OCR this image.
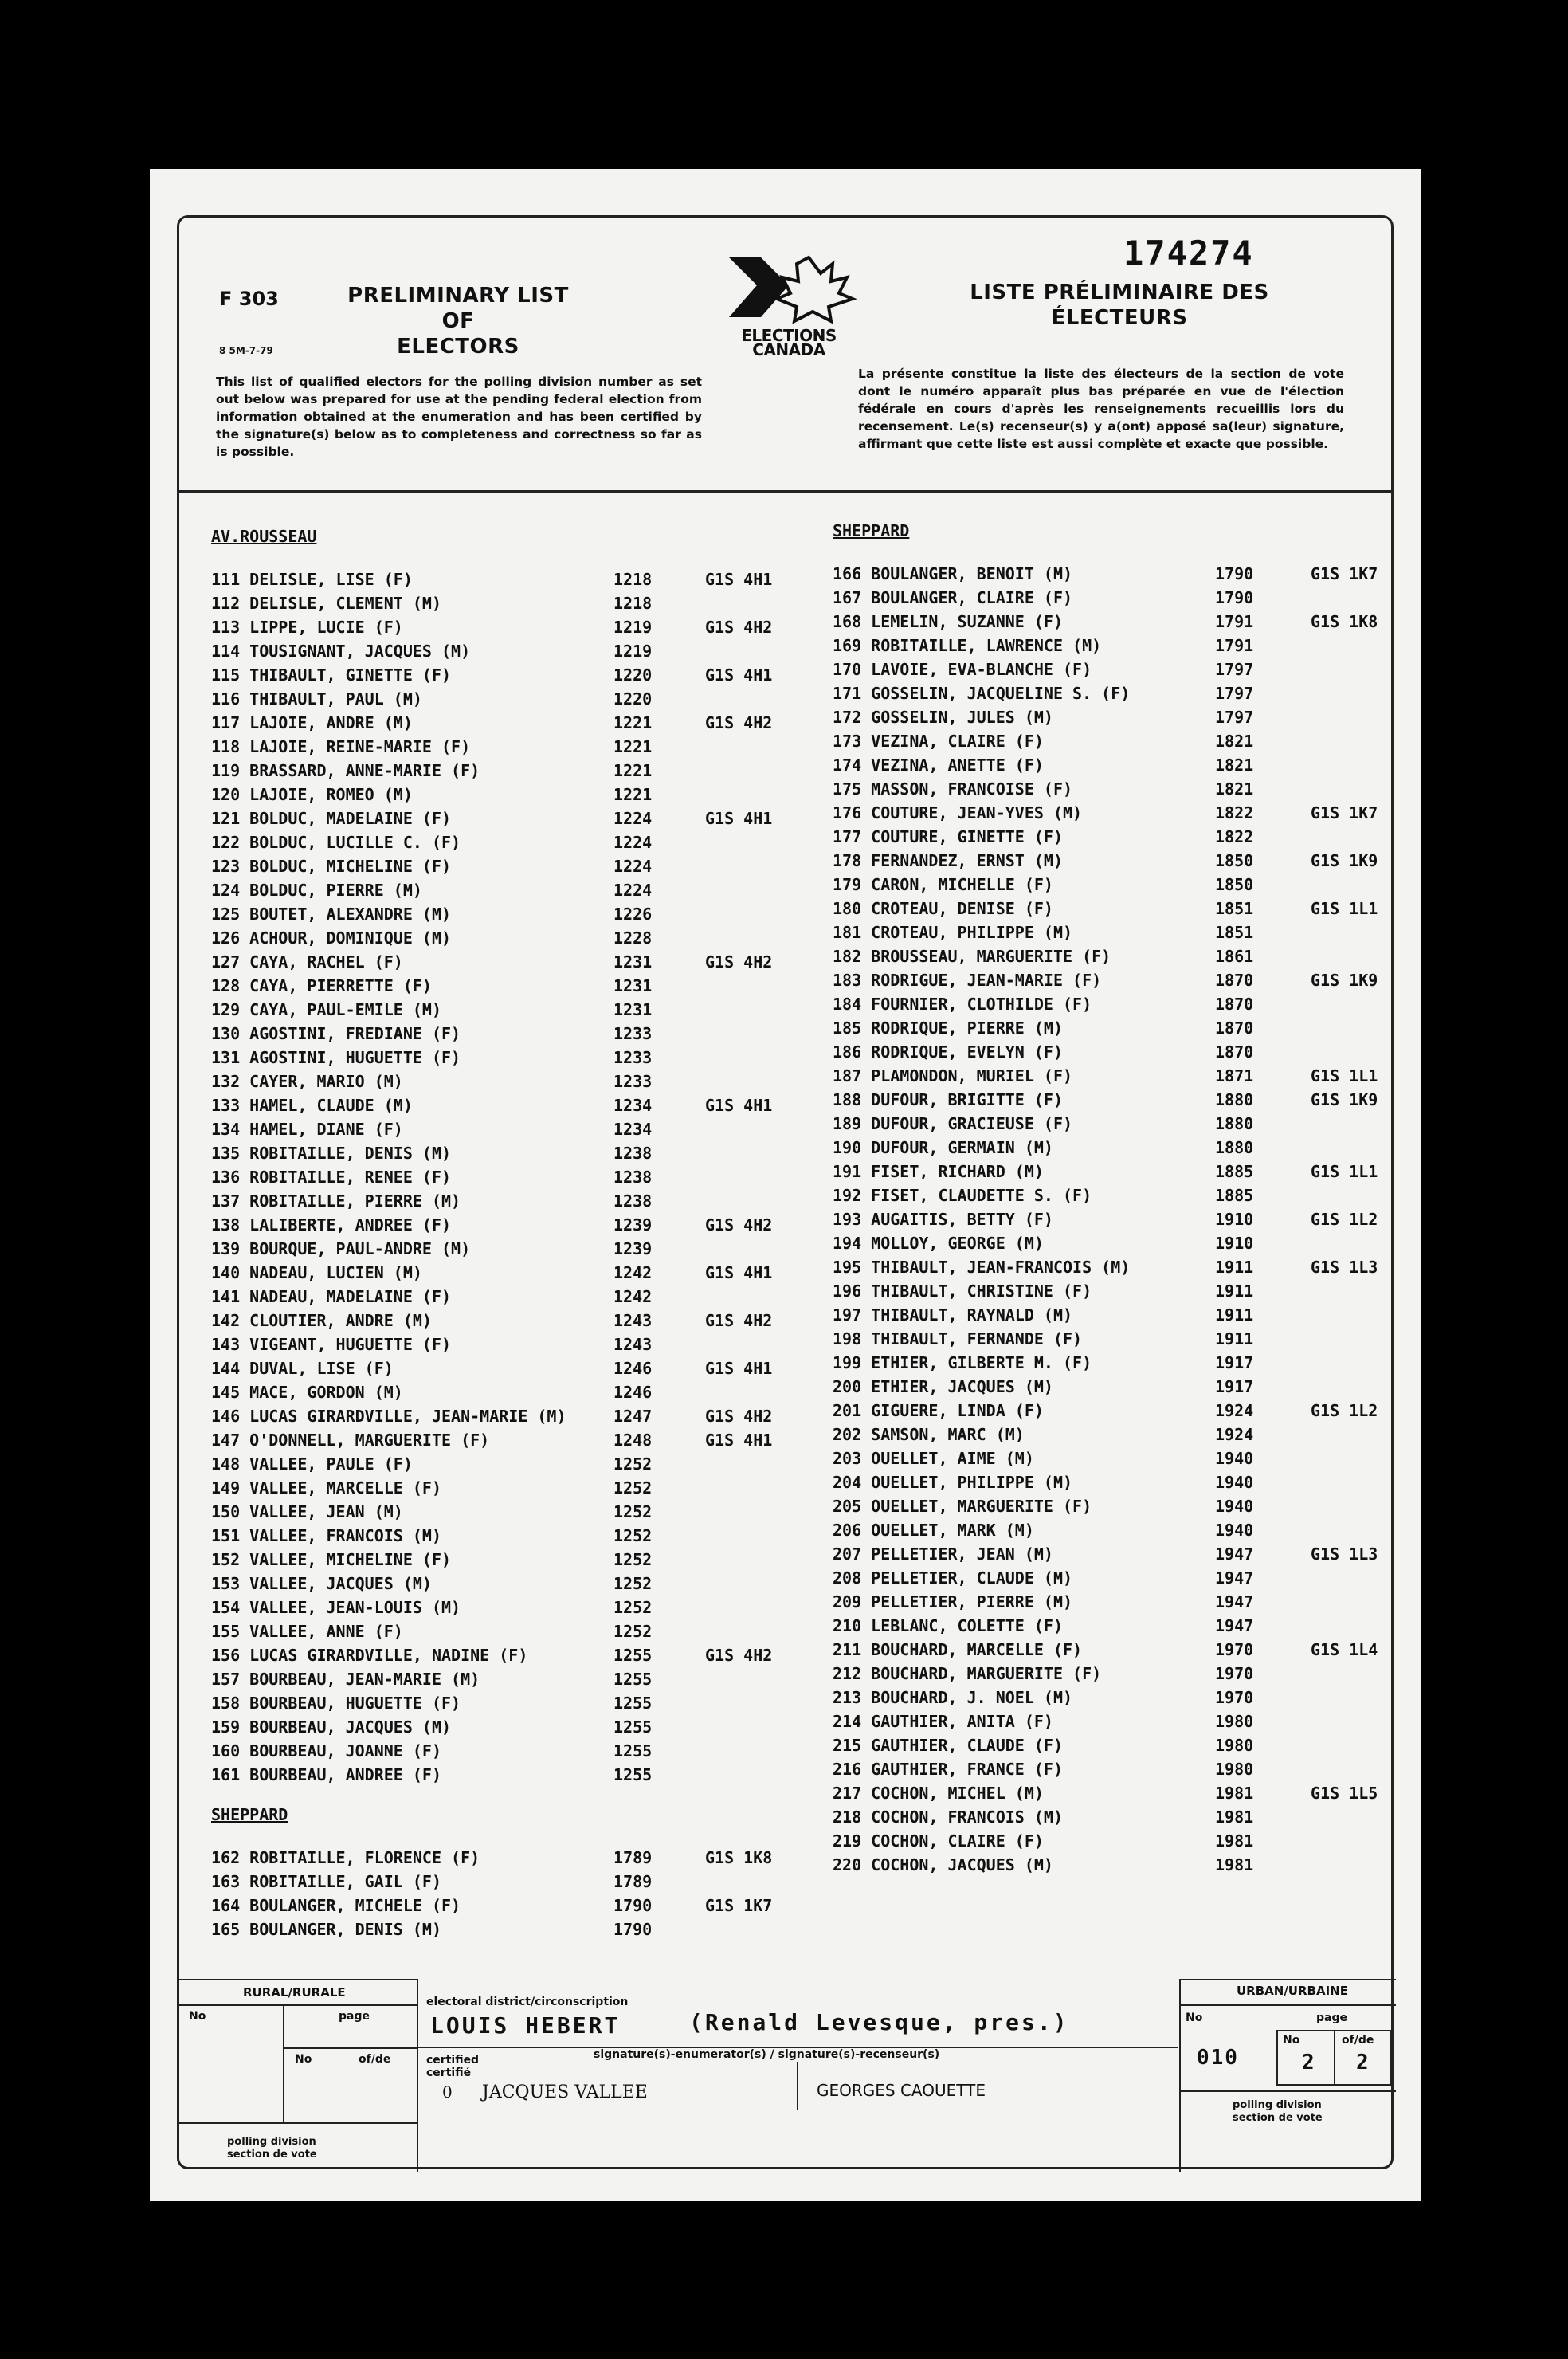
174274
F 303
8 5M-7-79
PRELIMINARY LIST OF
ELECTORS	ELECTIONS
CANADA
LISTE PRÉLIMINAIRE DES
ÉLECTEURS
This list of qualified electors for the polling division number as set out below was prepared for use at the pending federal election from information obtained at the enumeration and has been certified by the signature(s) below as to completeness and correctness so far as is possible.
La présente constitue la liste des électeurs de la section de vote dont le numéro apparaît plus bas préparée en vue de l'élection fédérale en cours d'après les renseignements recueillis lors du recensement. Le(s) recenseur(s) y a(ont) apposé sa(leur) signature, affirmant que cette liste est aussi complète et exacte que possible.
AV.ROUSSEAU
111 DELISLE, LISE (F)	1218	G1S 4H1
112 DELISLE, CLEMENT (M)	1218
113 LIPPE, LUCIE (F)	1219	G1S 4H2
114 TOUSIGNANT, JACQUES (M)	1219
115 THIBAULT, GINETTE (F)	1220	G1S 4H1
116 THIBAULT, PAUL (M)	1220
117 LAJOIE, ANDRE (M)	1221	G1S 4H2
118 LAJOIE, REINE-MARIE (F)	1221
119 BRASSARD, ANNE-MARIE (F)	1221
120 LAJOIE, ROMEO (M)	1221
121 BOLDUC, MADELAINE (F)	1224	G1S 4H1
122 BOLDUC, LUCILLE C. (F)	1224
123 BOLDUC, MICHELINE (F)	1224
124 BOLDUC, PIERRE (M)	1224
125 BOUTET, ALEXANDRE (M)	1226
126 ACHOUR, DOMINIQUE (M)	1228
127 CAYA, RACHEL (F)	1231	G1S 4H2
128 CAYA, PIERRETTE (F)	1231
129 CAYA, PAUL-EMILE (M)	1231
130 AGOSTINI, FREDIANE (F)	1233
131 AGOSTINI, HUGUETTE (F)	1233
132 CAYER, MARIO (M)	1233
133 HAMEL, CLAUDE (M)	1234	G1S 4H1
134 HAMEL, DIANE (F)	1234
135 ROBITAILLE, DENIS (M)	1238
136 ROBITAILLE, RENEE (F)	1238
137 ROBITAILLE, PIERRE (M)	1238
138 LALIBERTE, ANDREE (F)	1239	G1S 4H2
139 BOURQUE, PAUL-ANDRE (M)	1239
140 NADEAU, LUCIEN (M)	1242	G1S 4H1
141 NADEAU, MADELAINE (F)	1242
142 CLOUTIER, ANDRE (M)	1243	G1S 4H2
143 VIGEANT, HUGUETTE (F)	1243
144 DUVAL, LISE (F)	1246	G1S 4H1
145 MACE, GORDON (M)	1246
146 LUCAS GIRARDVILLE, JEAN-MARIE (M)	1247	G1S 4H2
147 O'DONNELL, MARGUERITE (F)	1248	G1S 4H1
148 VALLEE, PAULE (F)	1252
149 VALLEE, MARCELLE (F)	1252
150 VALLEE, JEAN (M)	1252
151 VALLEE, FRANCOIS (M)	1252
152 VALLEE, MICHELINE (F)	1252
153 VALLEE, JACQUES (M)	1252
154 VALLEE, JEAN-LOUIS (M)	1252
155 VALLEE, ANNE (F)	1252
156 LUCAS GIRARDVILLE, NADINE (F)	1255	G1S 4H2
157 BOURBEAU, JEAN-MARIE (M)	1255
158 BOURBEAU, HUGUETTE (F)	1255
159 BOURBEAU, JACQUES (M)	1255
160 BOURBEAU, JOANNE (F)	1255
161 BOURBEAU, ANDREE (F)	1255
SHEPPARD
162 ROBITAILLE, FLORENCE (F)	1789	G1S 1K8
163 ROBITAILLE, GAIL (F)	1789
164 BOULANGER, MICHELE (F)	1790	G1S 1K7
165 BOULANGER, DENIS (M)	1790
SHEPPARD
166 BOULANGER, BENOIT (M)	1790	G1S 1K7
167 BOULANGER, CLAIRE (F)	1790
168 LEMELIN, SUZANNE (F)	1791	G1S 1K8
169 ROBITAILLE, LAWRENCE (M)	1791
170 LAVOIE, EVA-BLANCHE (F)	1797
171 GOSSELIN, JACQUELINE S. (F)	1797
172 GOSSELIN, JULES (M)	1797
173 VEZINA, CLAIRE (F)	1821
174 VEZINA, ANETTE (F)	1821
175 MASSON, FRANCOISE (F)	1821
176 COUTURE, JEAN-YVES (M)	1822	G1S 1K7
177 COUTURE, GINETTE (F)	1822
178 FERNANDEZ, ERNST (M)	1850	G1S 1K9
179 CARON, MICHELLE (F)	1850
180 CROTEAU, DENISE (F)	1851	G1S 1L1
181 CROTEAU, PHILIPPE (M)	1851
182 BROUSSEAU, MARGUERITE (F)	1861
183 RODRIGUE, JEAN-MARIE (F)	1870	G1S 1K9
184 FOURNIER, CLOTHILDE (F)	1870
185 RODRIQUE, PIERRE (M)	1870
186 RODRIQUE, EVELYN (F)	1870
187 PLAMONDON, MURIEL (F)	1871	G1S 1L1
188 DUFOUR, BRIGITTE (F)	1880	G1S 1K9
189 DUFOUR, GRACIEUSE (F)	1880
190 DUFOUR, GERMAIN (M)	1880
191 FISET, RICHARD (M)	1885	G1S 1L1
192 FISET, CLAUDETTE S. (F)	1885
193 AUGAITIS, BETTY (F)	1910	G1S 1L2
194 MOLLOY, GEORGE (M)	1910
195 THIBAULT, JEAN-FRANCOIS (M)	1911	G1S 1L3
196 THIBAULT, CHRISTINE (F)	1911
197 THIBAULT, RAYNALD (M)	1911
198 THIBAULT, FERNANDE (F)	1911
199 ETHIER, GILBERTE M. (F)	1917
200 ETHIER, JACQUES (M)	1917
201 GIGUERE, LINDA (F)	1924	G1S 1L2
202 SAMSON, MARC (M)	1924
203 OUELLET, AIME (M)	1940
204 OUELLET, PHILIPPE (M)	1940
205 OUELLET, MARGUERITE (F)	1940
206 OUELLET, MARK (M)	1940
207 PELLETIER, JEAN (M)	1947	G1S 1L3
208 PELLETIER, CLAUDE (M)	1947
209 PELLETIER, PIERRE (M)	1947
210 LEBLANC, COLETTE (F)	1947
211 BOUCHARD, MARCELLE (F)	1970	G1S 1L4
212 BOUCHARD, MARGUERITE (F)	1970
213 BOUCHARD, J. NOEL (M)	1970
214 GAUTHIER, ANITA (F)	1980
215 GAUTHIER, CLAUDE (F)	1980
216 GAUTHIER, FRANCE (F)	1980
217 COCHON, MICHEL (M)	1981	G1S 1L5
218 COCHON, FRANCOIS (M)	1981
219 COCHON, CLAIRE (F)	1981
220 COCHON, JACQUES (M)	1981
RURAL/RURALE
No	page
No	of/de
polling division
section de vote
electoral district/circonscription
LOUIS HEBERT	(Renald Levesque, pres.)
certified
certifié
signature(s)-enumerator(s) / signature(s)-recenseur(s)
0 JACQUES VALLEE	GEORGES CAOUETTE
URBAN/URBAINE
No	page
010
No	of/de
2 2
polling division
section de vote
